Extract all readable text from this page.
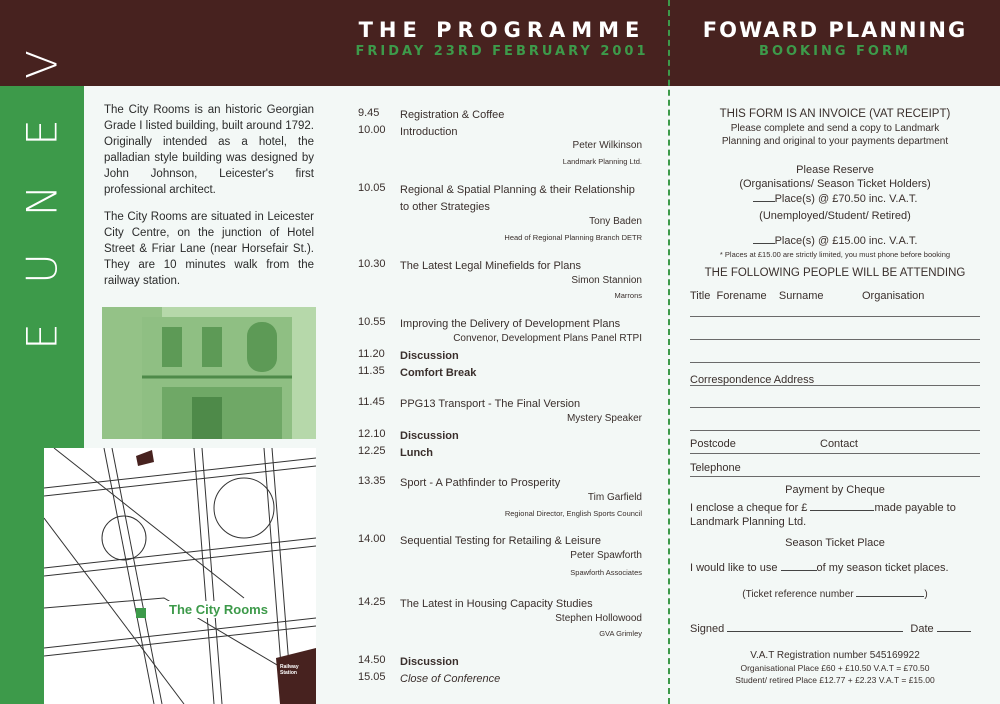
V
E
N
U
E
THE PROGRAMME
FRIDAY 23RD FEBRUARY 2001
FOWARD PLANNING
BOOKING FORM
The City Rooms is an historic Georgian Grade I listed building, built around 1792. Originally intended as a hotel, the palladian style building was designed by John Johnson, Leicester's first professional architect.
The City Rooms are situated in Leicester City Centre, on the junction of Hotel Street & Friar Lane (near Horsefair St.). They are 10 minutes walk from the railway station.
The City Rooms
Railway Station
9.45	Registration & Coffee
10.00	Introduction
Peter Wilkinson
Landmark Planning Ltd.
10.05	Regional & Spatial Planning & their Relationship to other Strategies
Tony Baden
Head of Regional Planning Branch DETR
10.30	The Latest Legal Minefields for Plans
Simon Stannion
Marrons
10.55	Improving the Delivery of Development Plans
Convenor, Development Plans Panel RTPI
11.20	Discussion
11.35	Comfort Break
11.45	PPG13 Transport - The Final Version
Mystery Speaker
12.10	Discussion
12.25	Lunch
13.35	Sport - A Pathfinder to Prosperity
Tim Garfield
Regional Director, English Sports Council
14.00	Sequential Testing for Retailing & Leisure
Peter Spawforth
Spawforth Associates
14.25	The Latest in Housing Capacity Studies
Stephen Hollowood
GVA Grimley
14.50	Discussion
15.05	Close of Conference
THIS FORM IS AN INVOICE (VAT RECEIPT)
Please complete and send a copy to Landmark Planning and original to your payments department
Please Reserve
(Organisations/ Season Ticket Holders)
Place(s) @ £70.50 inc. V.A.T.
(Unemployed/Student/ Retired)
Place(s) @ £15.00 inc. V.A.T.
* Places at £15.00 are strictly limited, you must phone before booking
THE FOLLOWING PEOPLE WILL BE ATTENDING
Title Forename Surname	Organisation
Correspondence Address
Postcode	Contact
Telephone
Payment by Cheque
I enclose a cheque for £	made payable to
Landmark Planning Ltd.
Season Ticket Place
I would like to use	of my season ticket places.
(Ticket reference number	)
Signed	Date
V.A.T Registration number 545169922
Organisational Place £60 + £10.50 V.A.T = £70.50
Student/ retired Place £12.77 + £2.23 V.A.T = £15.00
